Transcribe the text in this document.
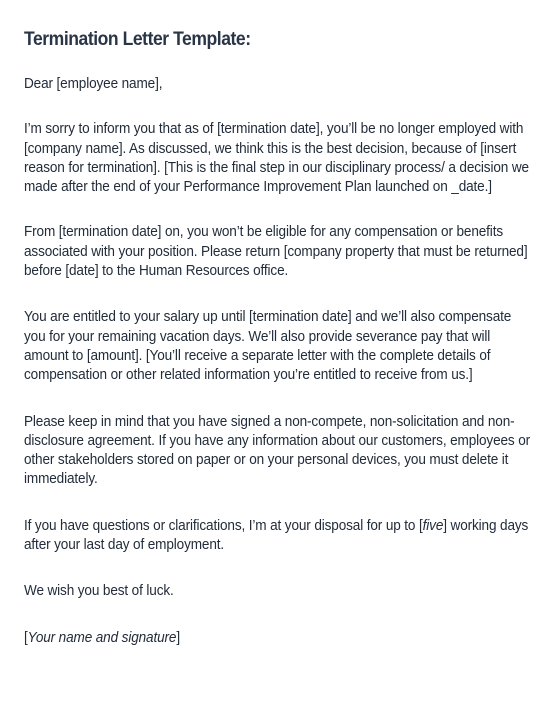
Termination Letter Template:

Dear [employee name],

I’m sorry to inform you that as of [termination date], you’ll be no longer employed with [company name]. As discussed, we think this is the best decision, because of [insert reason for termination]. [This is the final step in our disciplinary process/ a decision we made after the end of your Performance Improvement Plan launched on _date.]

From [termination date] on, you won’t be eligible for any compensation or benefits associated with your position. Please return [company property that must be returned] before [date] to the Human Resources office.

You are entitled to your salary up until [termination date] and we’ll also compensate you for your remaining vacation days. We’ll also provide severance pay that will amount to [amount]. [You’ll receive a separate letter with the complete details of compensation or other related information you’re entitled to receive from us.]

Please keep in mind that you have signed a non-compete, non-solicitation and non-disclosure agreement. If you have any information about our customers, employees or other stakeholders stored on paper or on your personal devices, you must delete it immediately.

If you have questions or clarifications, I’m at your disposal for up to [five] working days after your last day of employment.

We wish you best of luck.

[Your name and signature]
